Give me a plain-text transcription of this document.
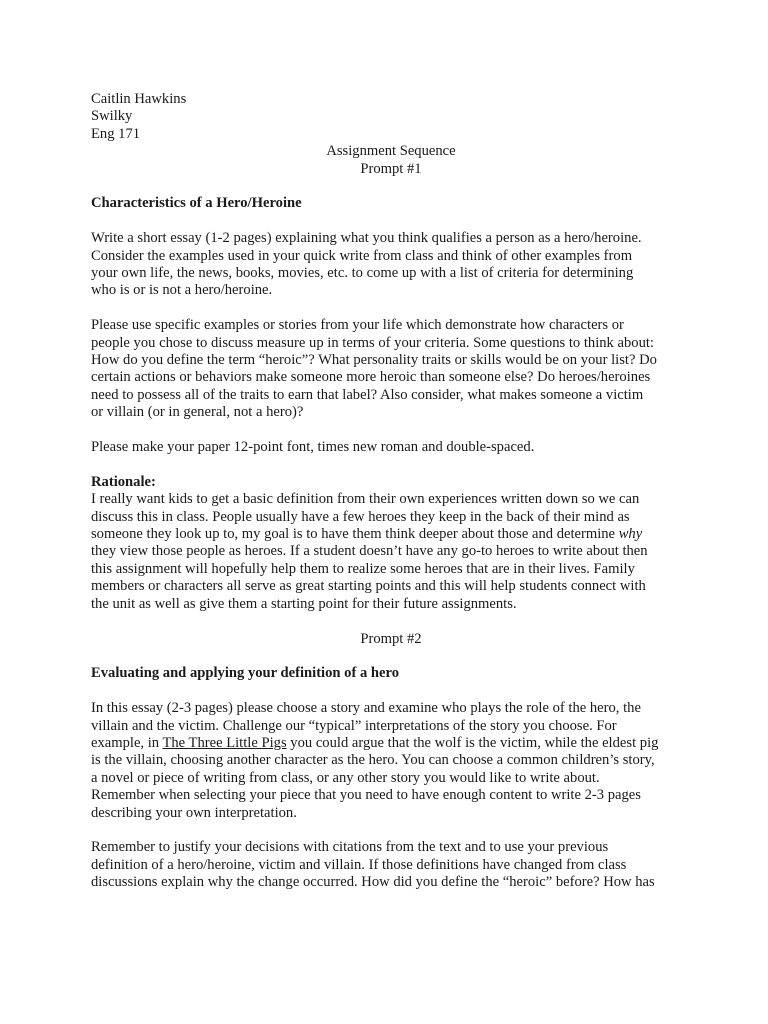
Caitlin Hawkins
Swilky
Eng 171
Assignment Sequence
Prompt #1
Characteristics of a Hero/Heroine
Write a short essay (1-2 pages) explaining what you think qualifies a person as a hero/heroine.
Consider the examples used in your quick write from class and think of other examples from
your own life, the news, books, movies, etc. to come up with a list of criteria for determining
who is or is not a hero/heroine.
Please use specific examples or stories from your life which demonstrate how characters or
people you chose to discuss measure up in terms of your criteria. Some questions to think about:
How do you define the term “heroic”? What personality traits or skills would be on your list? Do
certain actions or behaviors make someone more heroic than someone else? Do heroes/heroines
need to possess all of the traits to earn that label? Also consider, what makes someone a victim
or villain (or in general, not a hero)?
Please make your paper 12-point font, times new roman and double-spaced.
Rationale:
I really want kids to get a basic definition from their own experiences written down so we can
discuss this in class. People usually have a few heroes they keep in the back of their mind as
someone they look up to, my goal is to have them think deeper about those and determine why
they view those people as heroes. If a student doesn’t have any go-to heroes to write about then
this assignment will hopefully help them to realize some heroes that are in their lives. Family
members or characters all serve as great starting points and this will help students connect with
the unit as well as give them a starting point for their future assignments.
Prompt #2
Evaluating and applying your definition of a hero
In this essay (2-3 pages) please choose a story and examine who plays the role of the hero, the
villain and the victim. Challenge our “typical” interpretations of the story you choose. For
example, in The Three Little Pigs you could argue that the wolf is the victim, while the eldest pig
is the villain, choosing another character as the hero. You can choose a common children’s story,
a novel or piece of writing from class, or any other story you would like to write about.
Remember when selecting your piece that you need to have enough content to write 2-3 pages
describing your own interpretation.
Remember to justify your decisions with citations from the text and to use your previous
definition of a hero/heroine, victim and villain. If those definitions have changed from class
discussions explain why the change occurred. How did you define the “heroic” before? How has
